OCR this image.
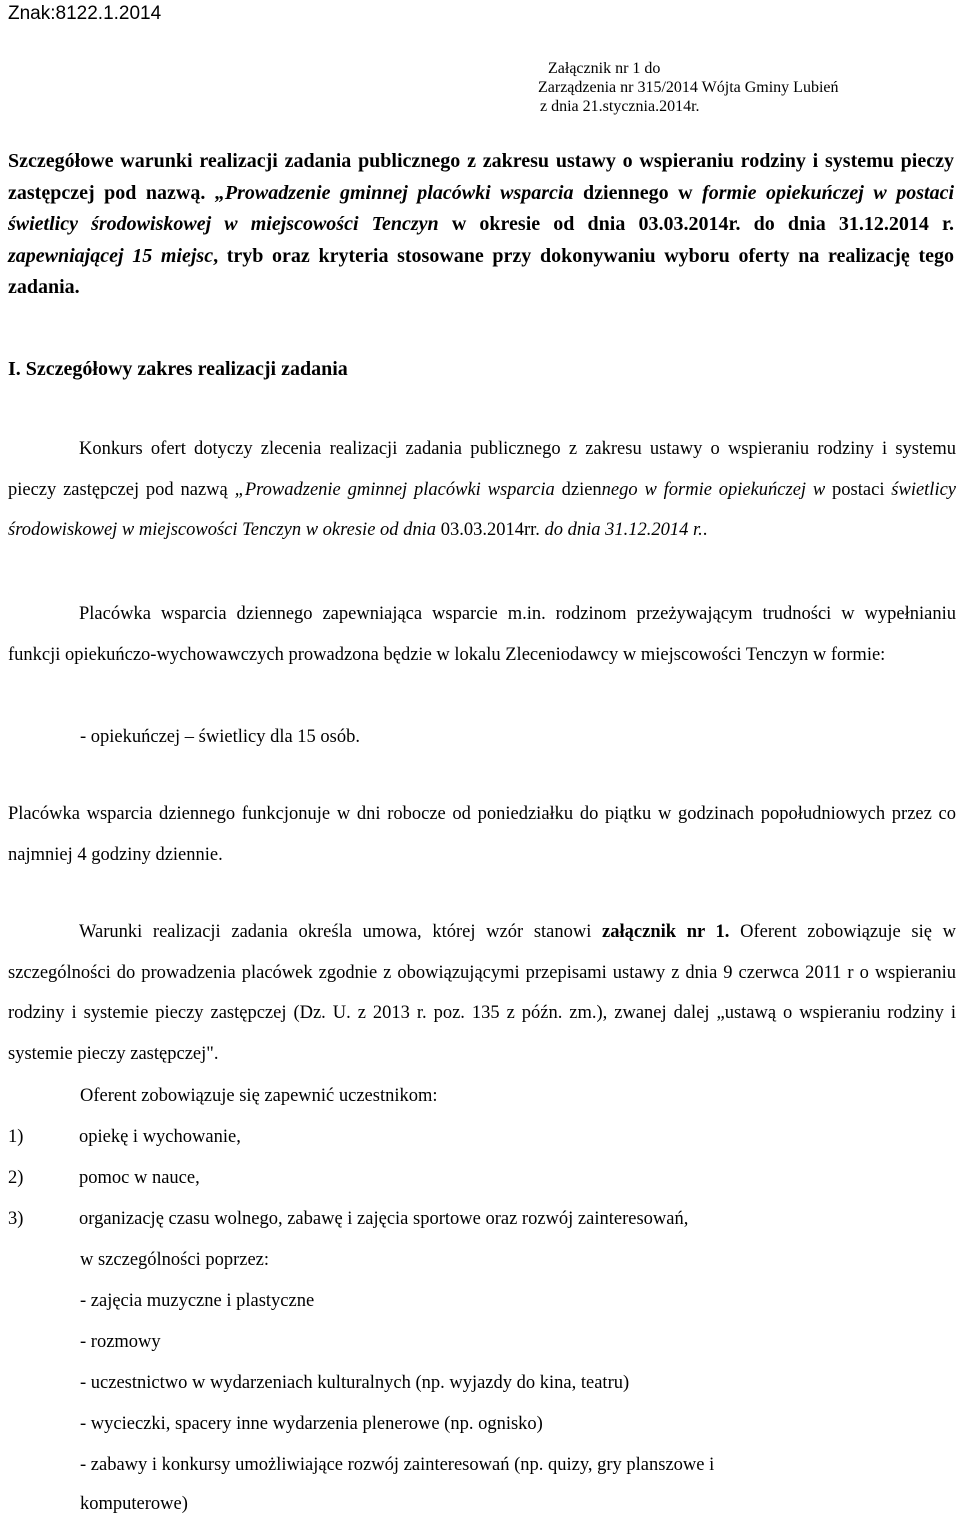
Znak:8122.1.2014
Załącznik nr 1 do
Zarządzenia nr 315/2014 Wójta Gminy Lubień
z dnia 21.stycznia.2014r.

Szczegółowe warunki realizacji zadania publicznego z zakresu ustawy o wspieraniu rodziny i systemu pieczy zastępczej pod nazwą. „Prowadzenie gminnej placówki wsparcia dziennego w formie opiekuńczej w postaci świetlicy środowiskowej w miejscowości Tenczyn w okresie od dnia 03.03.2014r. do dnia 31.12.2014 r. zapewniającej 15 miejsc, tryb oraz kryteria stosowane przy dokonywaniu wyboru oferty na realizację tego zadania.

I. Szczegółowy zakres realizacji zadania

Konkurs ofert dotyczy zlecenia realizacji zadania publicznego z zakresu ustawy o wspieraniu rodziny i systemu pieczy zastępczej pod nazwą „Prowadzenie gminnej placówki wsparcia dziennego w formie opiekuńczej w postaci świetlicy środowiskowej w miejscowości Tenczyn w okresie od dnia 03.03.2014rr. do dnia 31.12.2014 r..

Placówka wsparcia dziennego zapewniająca wsparcie m.in. rodzinom przeżywającym trudności w wypełnianiu funkcji opiekuńczo-wychowawczych prowadzona będzie w lokalu Zleceniodawcy w miejscowości Tenczyn w formie:

- opiekuńczej – świetlicy dla 15 osób.

Placówka wsparcia dziennego funkcjonuje w dni robocze od poniedziałku do piątku w godzinach popołudniowych przez co najmniej 4 godziny dziennie.

Warunki realizacji zadania określa umowa, której wzór stanowi załącznik nr 1. Oferent zobowiązuje się w szczególności do prowadzenia placówek zgodnie z obowiązującymi przepisami ustawy z dnia 9 czerwca 2011 r o wspieraniu rodziny i systemie pieczy zastępczej (Dz. U. z 2013 r. poz. 135 z późn. zm.), zwanej dalej „ustawą o wspieraniu rodziny i systemie pieczy zastępczej".

Oferent zobowiązuje się zapewnić uczestnikom:

1)	opiekę i wychowanie,
2)	pomoc w nauce,
3)	organizację czasu wolnego, zabawę i zajęcia sportowe oraz rozwój zainteresowań,
w szczególności poprzez:
- zajęcia muzyczne i plastyczne
- rozmowy
- uczestnictwo w wydarzeniach kulturalnych (np. wyjazdy do kina, teatru)
- wycieczki, spacery inne wydarzenia plenerowe (np. ognisko)
- zabawy i konkursy umożliwiające rozwój zainteresowań (np. quizy, gry planszowe i
komputerowe)
